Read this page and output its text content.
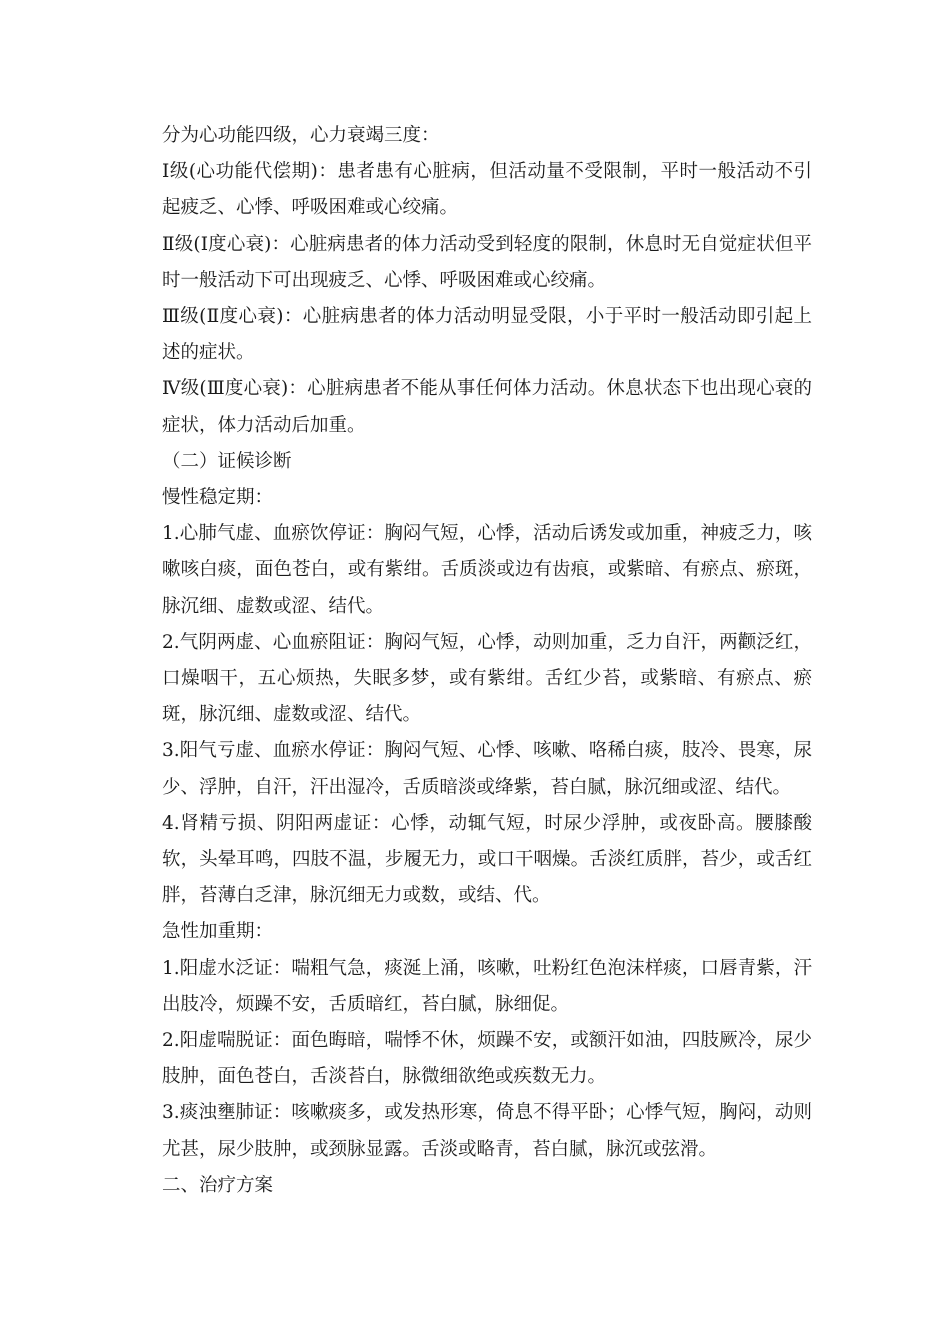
分为心功能四级，心力衰竭三度：

Ⅰ级(心功能代偿期)：患者患有心脏病，但活动量不受限制，平时一般活动不引起疲乏、心悸、呼吸困难或心绞痛。

Ⅱ级(Ⅰ度心衰)：心脏病患者的体力活动受到轻度的限制，休息时无自觉症状但平时一般活动下可出现疲乏、心悸、呼吸困难或心绞痛。

Ⅲ级(Ⅱ度心衰)：心脏病患者的体力活动明显受限，小于平时一般活动即引起上述的症状。

Ⅳ级(Ⅲ度心衰)：心脏病患者不能从事任何体力活动。休息状态下也出现心衰的症状，体力活动后加重。

（二）证候诊断

慢性稳定期：

1.心肺气虚、血瘀饮停证：胸闷气短，心悸，活动后诱发或加重，神疲乏力，咳嗽咳白痰，面色苍白，或有紫绀。舌质淡或边有齿痕，或紫暗、有瘀点、瘀斑，脉沉细、虚数或涩、结代。

2.气阴两虚、心血瘀阻证：胸闷气短，心悸，动则加重，乏力自汗，两颧泛红，口燥咽干，五心烦热，失眠多梦，或有紫绀。舌红少苔，或紫暗、有瘀点、瘀斑，脉沉细、虚数或涩、结代。

3.阳气亏虚、血瘀水停证：胸闷气短、心悸、咳嗽、咯稀白痰，肢冷、畏寒，尿少、浮肿，自汗，汗出湿冷，舌质暗淡或绛紫，苔白腻，脉沉细或涩、结代。

4.肾精亏损、阴阳两虚证：心悸，动辄气短，时尿少浮肿，或夜卧高。腰膝酸软，头晕耳鸣，四肢不温，步履无力，或口干咽燥。舌淡红质胖，苔少，或舌红胖，苔薄白乏津，脉沉细无力或数，或结、代。

急性加重期：

1.阳虚水泛证：喘粗气急，痰涎上涌，咳嗽，吐粉红色泡沫样痰，口唇青紫，汗出肢冷，烦躁不安，舌质暗红，苔白腻，脉细促。

2.阳虚喘脱证：面色晦暗，喘悸不休，烦躁不安，或额汗如油，四肢厥冷，尿少肢肿，面色苍白，舌淡苔白，脉微细欲绝或疾数无力。

3.痰浊壅肺证：咳嗽痰多，或发热形寒，倚息不得平卧；心悸气短，胸闷，动则尤甚，尿少肢肿，或颈脉显露。舌淡或略青，苔白腻，脉沉或弦滑。

二、治疗方案
